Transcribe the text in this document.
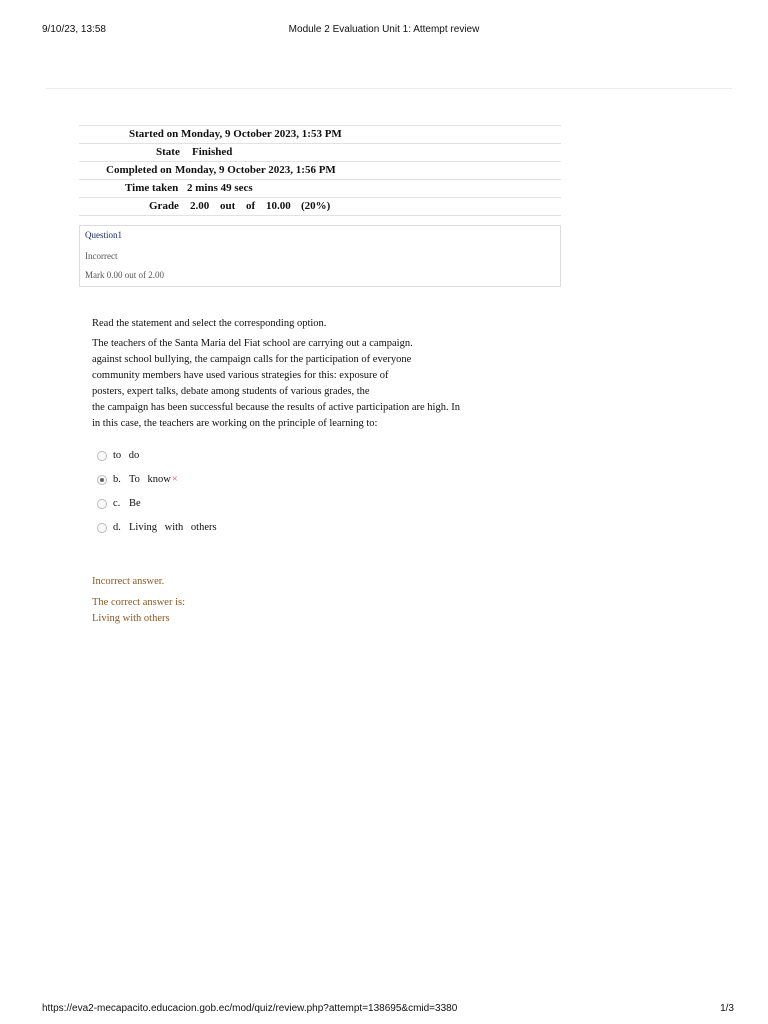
9/10/23, 13:58	Module 2 Evaluation Unit 1: Attempt review
Started on Monday, 9 October 2023, 1:53 PM
State Finished
Completed on Monday, 9 October 2023, 1:56 PM
Time taken 2 mins 49 secs
Grade 2.00 out of 10.00 (20%)
Question1
Incorrect
Mark 0.00 out of 2.00
Read the statement and select the corresponding option.
The teachers of the Santa Maria del Fiat school are carrying out a campaign.
against school bullying, the campaign calls for the participation of everyone
community members have used various strategies for this: exposure of
posters, expert talks, debate among students of various grades, the
the campaign has been successful because the results of active participation are high. In
in this case, the teachers are working on the principle of learning to:
to do
b. To know×
c. Be
d. Living with others
Incorrect answer.
The correct answer is:
Living with others
https://eva2-mecapacito.educacion.gob.ec/mod/quiz/review.php?attempt=138695&cmid=3380	1/3
